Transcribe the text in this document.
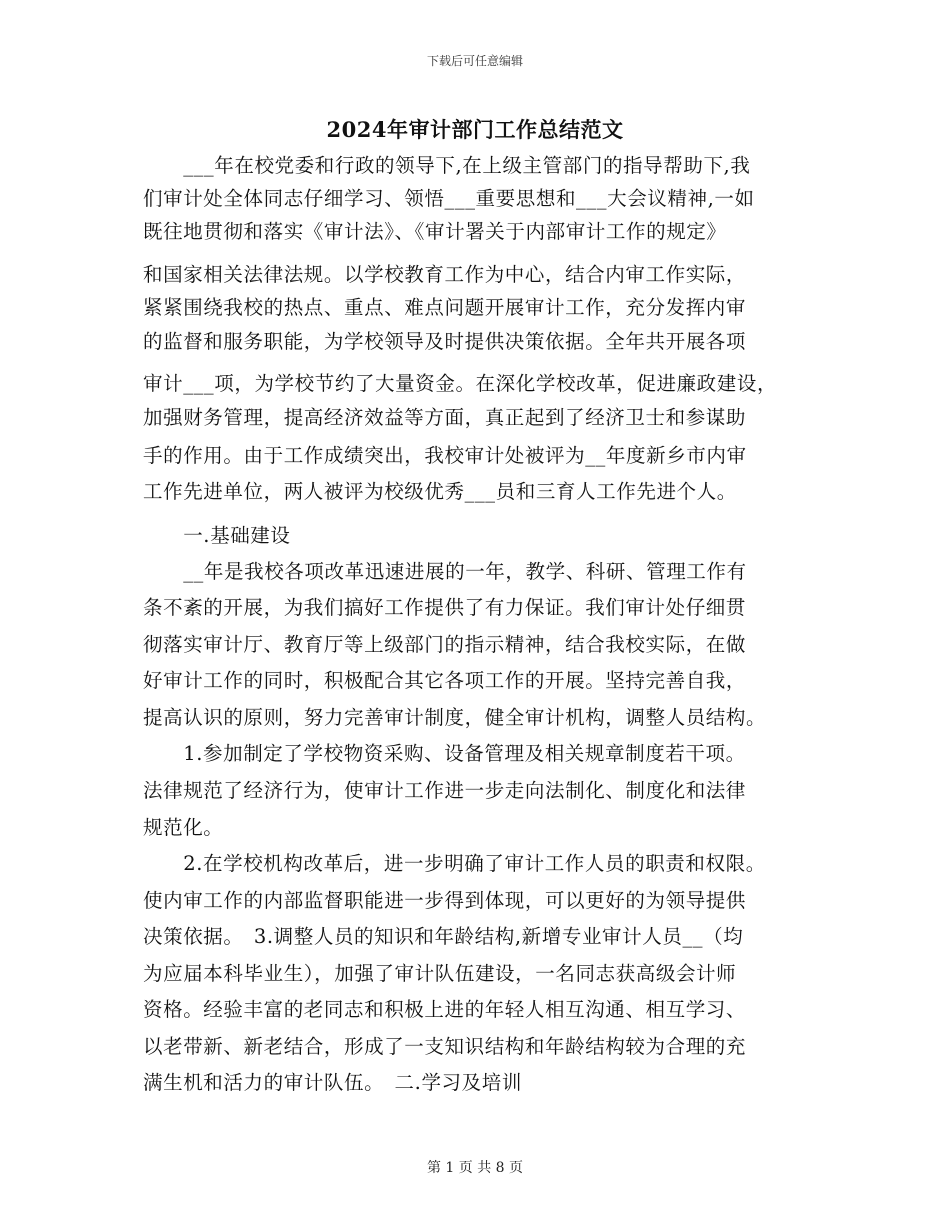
下载后可任意编辑
2024年审计部门工作总结范文
　　___年在校党委和行政的领导下,在上级主管部门的指导帮助下,我
们审计处全体同志仔细学习、领悟___重要思想和___大会议精神,一如
既往地贯彻和落实《审计法》、《审计署关于内部审计工作的规定》
和国家相关法律法规。以学校教育工作为中心，结合内审工作实际，
紧紧围绕我校的热点、重点、难点问题开展审计工作，充分发挥内审
的监督和服务职能，为学校领导及时提供决策依据。全年共开展各项
审计___项，为学校节约了大量资金。在深化学校改革，促进廉政建设，
加强财务管理，提高经济效益等方面，真正起到了经济卫士和参谋助
手的作用。由于工作成绩突出，我校审计处被评为__年度新乡市内审
工作先进单位，两人被评为校级优秀___员和三育人工作先进个人。
　　一.基础建设
　　__年是我校各项改革迅速进展的一年，教学、科研、管理工作有
条不紊的开展，为我们搞好工作提供了有力保证。我们审计处仔细贯
彻落实审计厅、教育厅等上级部门的指示精神，结合我校实际，在做
好审计工作的同时，积极配合其它各项工作的开展。坚持完善自我，
提高认识的原则，努力完善审计制度，健全审计机构，调整人员结构。
　　1.参加制定了学校物资采购、设备管理及相关规章制度若干项。
法律规范了经济行为，使审计工作进一步走向法制化、制度化和法律
规范化。
　　2.在学校机构改革后，进一步明确了审计工作人员的职责和权限。
使内审工作的内部监督职能进一步得到体现，可以更好的为领导提供
决策依据。　3.调整人员的知识和年龄结构,新增专业审计人员__（均
为应届本科毕业生），加强了审计队伍建设，一名同志获高级会计师
资格。经验丰富的老同志和积极上进的年轻人相互沟通、相互学习、
以老带新、新老结合，形成了一支知识结构和年龄结构较为合理的充
满生机和活力的审计队伍。　二.学习及培训
第 1 页 共 8 页
